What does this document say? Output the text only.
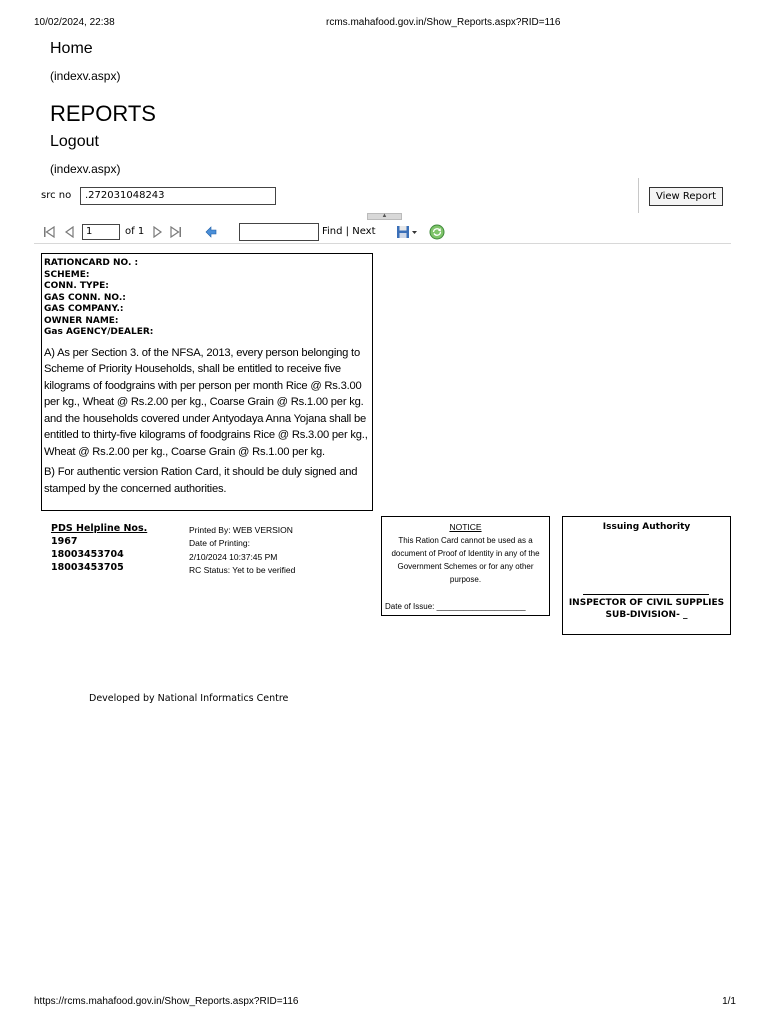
10/02/2024, 22:38	rcms.mahafood.gov.in/Show_Reports.aspx?RID=116
Home
(indexv.aspx)
REPORTS
Logout
(indexv.aspx)
src no	.272031048243	View Report
▲
1	of 1	Find | Next
RATIONCARD NO. :
SCHEME:
CONN. TYPE:
GAS CONN. NO.:
GAS COMPANY.:
OWNER NAME:
Gas AGENCY/DEALER:
A) As per Section 3. of the NFSA, 2013, every person belonging to Scheme of Priority Households, shall be entitled to receive five kilograms of foodgrains with per person per month Rice @ Rs.3.00 per kg., Wheat @ Rs.2.00 per kg., Coarse Grain @ Rs.1.00 per kg. and the households covered under Antyodaya Anna Yojana shall be entitled to thirty-five kilograms of foodgrains Rice @ Rs.3.00 per kg., Wheat @ Rs.2.00 per kg., Coarse Grain @ Rs.1.00 per kg.
B) For authentic version Ration Card, it should be duly signed and stamped by the concerned authorities.
PDS Helpline Nos.
1967
18003453704
18003453705
Printed By: WEB VERSION
Date of Printing:
2/10/2024 10:37:45 PM
RC Status: Yet to be verified
NOTICE
This Ration Card cannot be used as a document of Proof of Identity in any of the Government Schemes or for any other purpose.
Date of Issue: ____________________
Issuing Authority
INSPECTOR OF CIVIL SUPPLIES
SUB-DIVISION- _
Developed by National Informatics Centre
https://rcms.mahafood.gov.in/Show_Reports.aspx?RID=116	1/1
